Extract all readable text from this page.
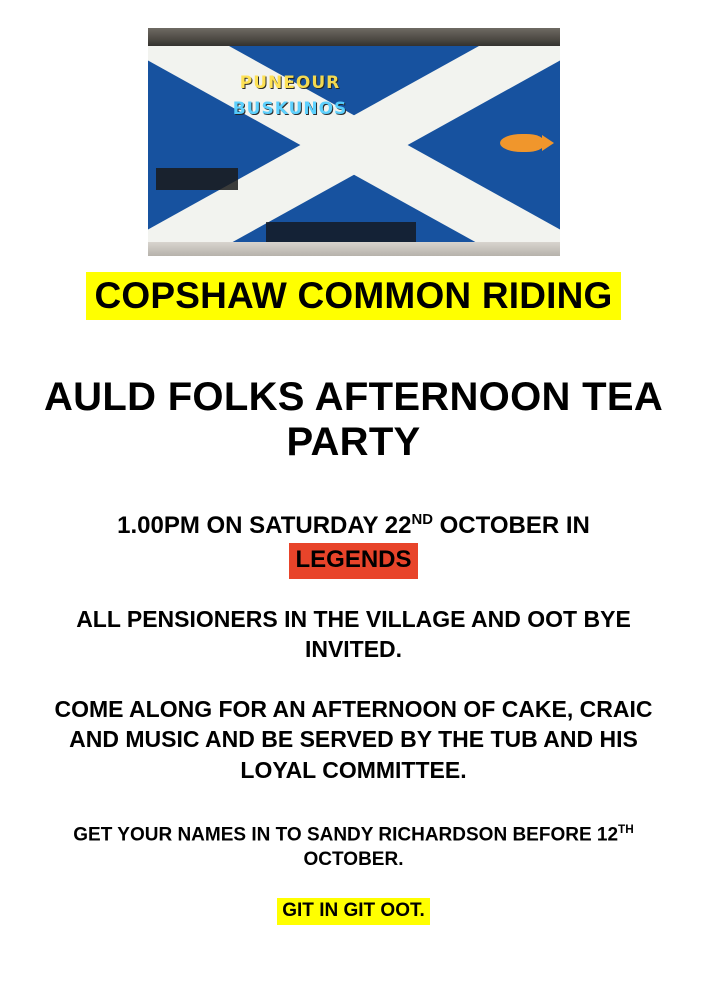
PUNEOUR
BUSKUNOS
COPSHAW COMMON RIDING
AULD FOLKS AFTERNOON TEA PARTY
1.00PM ON SATURDAY 22ND OCTOBER IN
LEGENDS
ALL PENSIONERS IN THE VILLAGE AND OOT BYE INVITED.
COME ALONG FOR AN AFTERNOON OF CAKE, CRAIC AND MUSIC AND BE SERVED BY THE TUB AND HIS LOYAL COMMITTEE.
GET YOUR NAMES IN TO SANDY RICHARDSON BEFORE 12TH OCTOBER.
GIT IN GIT OOT.
